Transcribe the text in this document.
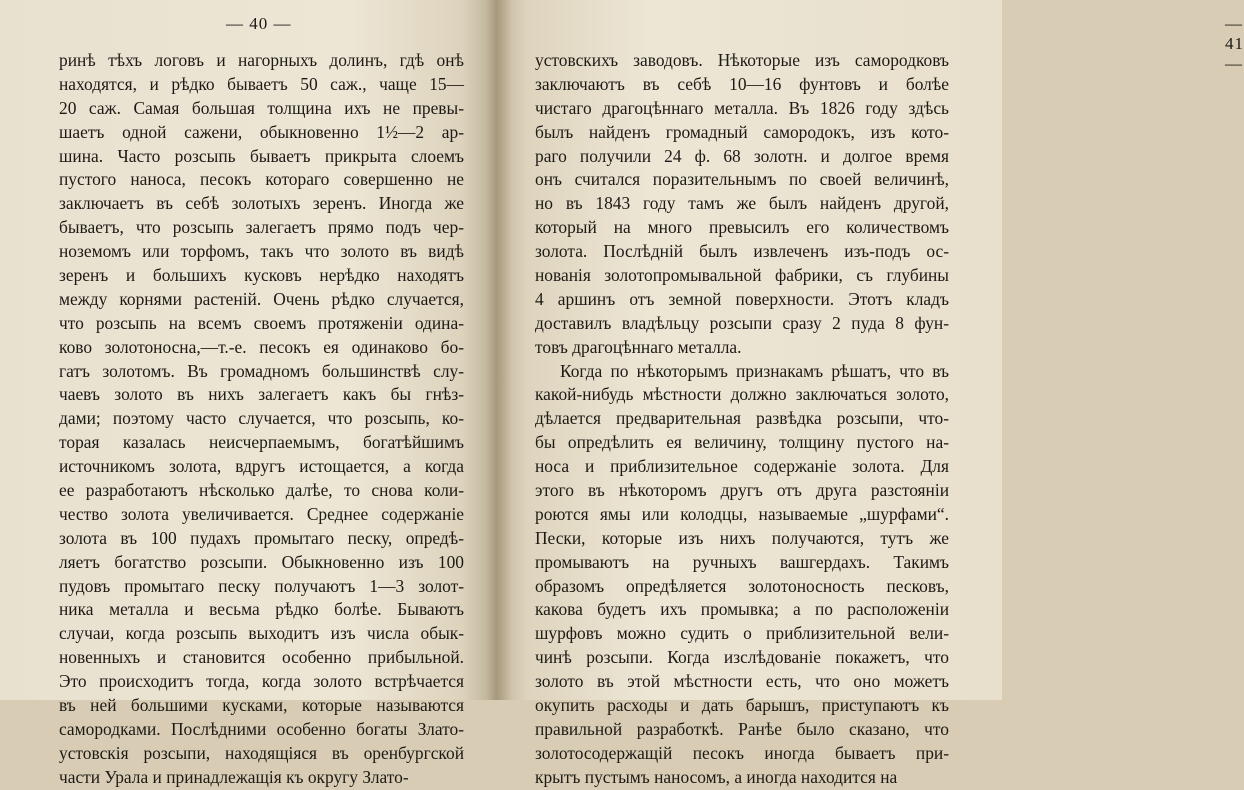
— 40 —
ринѣ тѣхъ логовъ и нагорныхъ долинъ, гдѣ онѣ
находятся, и рѣдко бываетъ 50 саж., чаще 15—
20 саж. Самая большая толщина ихъ не превы-
шаетъ одной сажени, обыкновенно 1½—2 ар-
шина. Часто розсыпь бываетъ прикрыта слоемъ
пустого наноса, песокъ котораго совершенно не
заключаетъ въ себѣ золотыхъ зеренъ. Иногда же
бываетъ, что розсыпь залегаетъ прямо подъ чер-
ноземомъ или торфомъ, такъ что золото въ видѣ
зеренъ и большихъ кусковъ нерѣдко находятъ
между корнями растеній. Очень рѣдко случается,
что розсыпь на всемъ своемъ протяженіи одина-
ково золотоносна,—т.-е. песокъ ея одинаково бо-
гатъ золотомъ. Въ громадномъ большинствѣ слу-
чаевъ золото въ нихъ залегаетъ какъ бы гнѣз-
дами; поэтому часто случается, что розсыпь, ко-
торая казалась неисчерпаемымъ, богатѣйшимъ
источникомъ золота, вдругъ истощается, а когда
ее разработаютъ нѣсколько далѣе, то снова коли-
чество золота увеличивается. Среднее содержаніе
золота въ 100 пудахъ промытаго песку, опредѣ-
ляетъ богатство розсыпи. Обыкновенно изъ 100
пудовъ промытаго песку получаютъ 1—3 золот-
ника металла и весьма рѣдко болѣе. Бываютъ
случаи, когда розсыпь выходитъ изъ числа обык-
новенныхъ и становится особенно прибыльной.
Это происходитъ тогда, когда золото встрѣчается
въ ней большими кусками, которые называются
самородками. Послѣдними особенно богаты Злато-
устовскія розсыпи, находящіяся въ оренбургской
части Урала и принадлежащія къ округу Злато-
— 41 —
устовскихъ заводовъ. Нѣкоторые изъ самородковъ
заключаютъ въ себѣ 10—16 фунтовъ и болѣе
чистаго драгоцѣннаго металла. Въ 1826 году здѣсь
былъ найденъ громадный самородокъ, изъ кото-
раго получили 24 ф. 68 золотн. и долгое время
онъ считался поразительнымъ по своей величинѣ,
но въ 1843 году тамъ же былъ найденъ другой,
который на много превысилъ его количествомъ
золота. Послѣдній былъ извлеченъ изъ-подъ ос-
нованія золотопромывальной фабрики, съ глубины
4 аршинъ отъ земной поверхности. Этотъ кладъ
доставилъ владѣльцу розсыпи сразу 2 пуда 8 фун-
товъ драгоцѣннаго металла.
Когда по нѣкоторымъ признакамъ рѣшатъ, что въ
какой-нибудь мѣстности должно заключаться золото,
дѣлается предварительная развѣдка розсыпи, что-
бы опредѣлить ея величину, толщину пустого на-
носа и приблизительное содержаніе золота. Для
этого въ нѣкоторомъ другъ отъ друга разстояніи
роются ямы или колодцы, называемые „шурфами“.
Пески, которые изъ нихъ получаются, тутъ же
промываютъ на ручныхъ вашгердахъ. Такимъ
образомъ опредѣляется золотоносность песковъ,
какова будетъ ихъ промывка; а по расположеніи
шурфовъ можно судить о приблизительной вели-
чинѣ розсыпи. Когда изслѣдованіе покажетъ, что
золото въ этой мѣстности есть, что оно можетъ
окупить расходы и дать барышъ, приступаютъ къ
правильной разработкѣ. Ранѣе было сказано, что
золотосодержащій песокъ иногда бываетъ при-
крытъ пустымъ наносомъ, а иногда находится на
